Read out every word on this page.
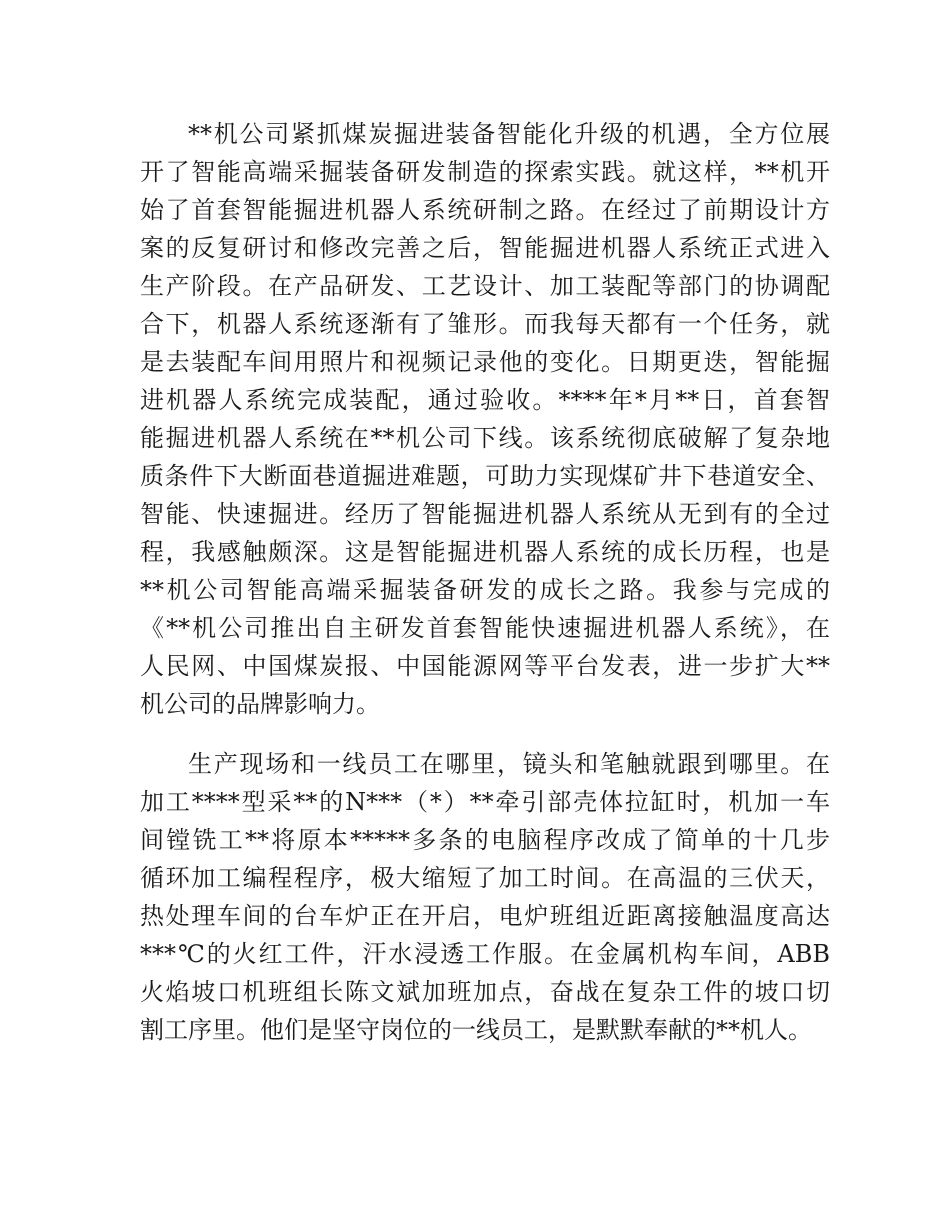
**机公司紧抓煤炭掘进装备智能化升级的机遇，全方位展
开了智能高端采掘装备研发制造的探索实践。就这样，**机开
始了首套智能掘进机器人系统研制之路。在经过了前期设计方
案的反复研讨和修改完善之后，智能掘进机器人系统正式进入
生产阶段。在产品研发、工艺设计、加工装配等部门的协调配
合下，机器人系统逐渐有了雏形。而我每天都有一个任务，就
是去装配车间用照片和视频记录他的变化。日期更迭，智能掘
进机器人系统完成装配，通过验收。****年*月**日，首套智
能掘进机器人系统在**机公司下线。该系统彻底破解了复杂地
质条件下大断面巷道掘进难题，可助力实现煤矿井下巷道安全、
智能、快速掘进。经历了智能掘进机器人系统从无到有的全过
程，我感触颇深。这是智能掘进机器人系统的成长历程，也是
**机公司智能高端采掘装备研发的成长之路。我参与完成的
《**机公司推出自主研发首套智能快速掘进机器人系统》，在
人民网、中国煤炭报、中国能源网等平台发表，进一步扩大**
机公司的品牌影响力。
生产现场和一线员工在哪里，镜头和笔触就跟到哪里。在
加工****型采**的N***（*）**牵引部壳体拉缸时，机加一车
间镗铣工**将原本*****多条的电脑程序改成了简单的十几步
循环加工编程程序，极大缩短了加工时间。在高温的三伏天，
热处理车间的台车炉正在开启，电炉班组近距离接触温度高达
***℃的火红工件，汗水浸透工作服。在金属机构车间，ABB
火焰坡口机班组长陈文斌加班加点，奋战在复杂工件的坡口切
割工序里。他们是坚守岗位的一线员工，是默默奉献的**机人。
